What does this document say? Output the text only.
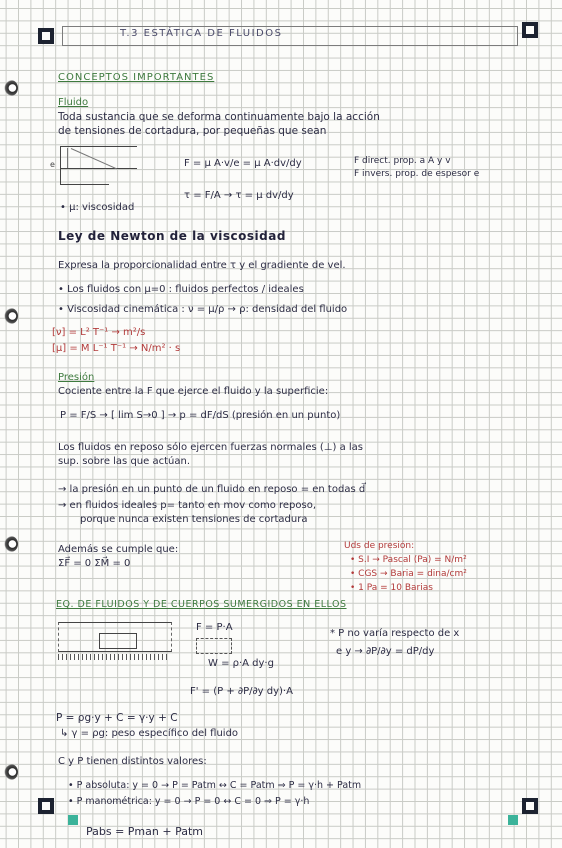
T.3 ESTÁTICA DE FLUIDOS
CONCEPTOS IMPORTANTES
Fluido
Toda sustancia que se deforma continuamente bajo la acción
de tensiones de cortadura, por pequeñas que sean
e	F = μ A·v/e = μ A·dv/dy
τ = F/A → τ = μ dv/dy
F direct. prop. a A y v
F invers. prop. de espesor e
• μ: viscosidad
Ley de Newton de la viscosidad
Expresa la proporcionalidad entre τ y el gradiente de vel.
• Los fluidos con μ=0 : fluidos perfectos / ideales
• Viscosidad cinemática : ν = μ/ρ → ρ: densidad del fluido
[ν] = L² T⁻¹ → m²/s
[μ] = M L⁻¹ T⁻¹ → N/m² · s
Presión
Cociente entre la F que ejerce el fluido y la superficie:
P = F/S → [ lim S→0 ] → p = dF/dS (presión en un punto)
Los fluidos en reposo sólo ejercen fuerzas normales (⊥) a las
sup. sobre las que actúan.
→ la presión en un punto de un fluido en reposo = en todas d⃗
→ en fluidos ideales p= tanto en mov como reposo,
porque nunca existen tensiones de cortadura
Además se cumple que:
ΣF⃗ = 0 ΣM⃗ = 0
Uds de presión:
• S.I → Pascal (Pa) = N/m²
• CGS → Baria = dina/cm²
• 1 Pa = 10 Barias
EQ. DE FLUIDOS Y DE CUERPOS SUMERGIDOS EN ELLOS
F = P·A
W = ρ·A dy·g
F' = (P + ∂P/∂y dy)·A
* P no varía respecto de x
e y → ∂P/∂y = dP/dy
P = ρg·y + C = γ·y + C
↳ γ = ρg: peso específico del fluido
C y P tienen distintos valores:
• P absoluta: y = 0 → P = Patm ↔ C = Patm ⇒ P = γ·h + Patm
• P manométrica: y = 0 → P = 0 ↔ C = 0 ⇒ P = γ·h
Pabs = Pman + Patm
